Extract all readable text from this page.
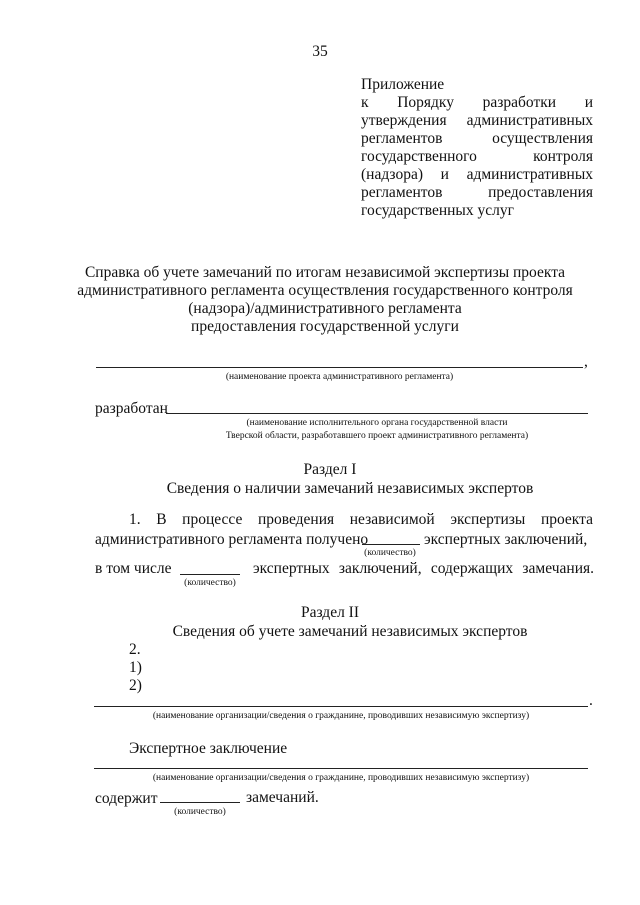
35
Приложение
к Порядку разработки и
утверждения административных
регламентов	осуществления
государственного	контроля
(надзора) и административных
регламентов	предоставления
государственных услуг
Справка об учете замечаний по итогам независимой экспертизы проекта
административного регламента осуществления государственного контроля
(надзора)/административного регламента
предоставления государственной услуги
,
(наименование проекта административного регламента)
разработан
(наименование исполнительного органа государственной власти
Тверской области, разработавшего проект административного регламента)
Раздел I
Сведения о наличии замечаний независимых экспертов
1. В процессе проведения независимой экспертизы проекта
административного регламента получено	экспертных заключений,
(количество)
в том числе	экспертных заключений, содержащих замечания.
(количество)
Раздел II
Сведения об учете замечаний независимых экспертов
2.
1)
2)
.
(наименование организации/сведения о гражданине, проводивших независимую экспертизу)
Экспертное заключение
(наименование организации/сведения о гражданине, проводивших независимую экспертизу)
содержит	замечаний.
(количество)
